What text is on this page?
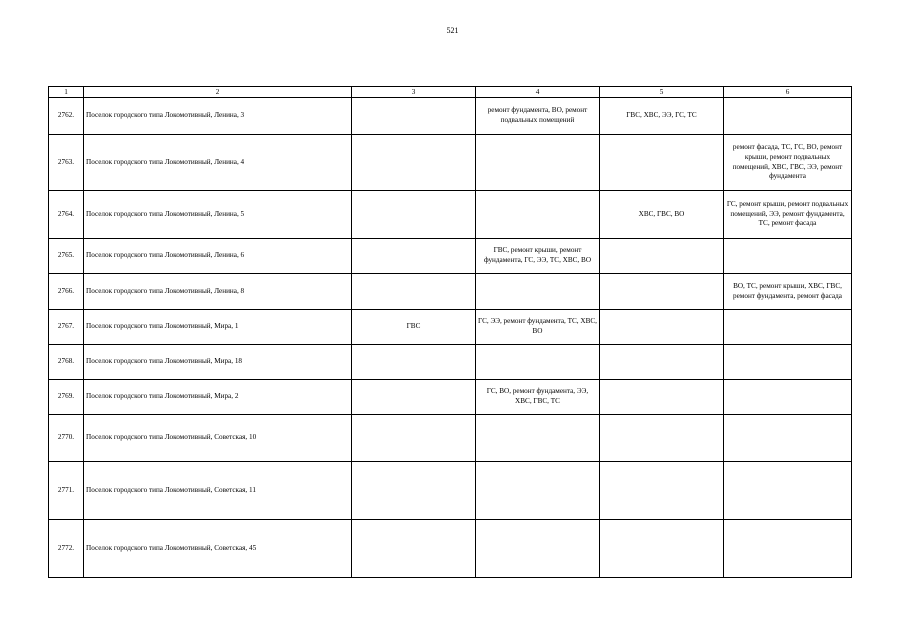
521
1	2	3	4	5	6
2762.	Поселок городского типа Локомотивный, Ленина, 3		ремонт фундамента, ВО, ремонт подвальных помещений	ГВС, ХВС, ЭЭ, ГС, ТС	
2763.	Поселок городского типа Локомотивный, Ленина, 4				ремонт фасада, ТС, ГС, ВО, ремонт крыши, ремонт подвальных помещений, ХВС, ГВС, ЭЭ, ремонт фундамента
2764.	Поселок городского типа Локомотивный, Ленина, 5			ХВС, ГВС, ВО	ГС, ремонт крыши, ремонт подвальных помещений, ЭЭ, ремонт фундамента, ТС, ремонт фасада
2765.	Поселок городского типа Локомотивный, Ленина, 6		ГВС, ремонт крыши, ремонт фундамента, ГС, ЭЭ, ТС, ХВС, ВО		
2766.	Поселок городского типа Локомотивный, Ленина, 8				ВО, ТС, ремонт крыши, ХВС, ГВС, ремонт фундамента, ремонт фасада
2767.	Поселок городского типа Локомотивный, Мира, 1	ГВС	ГС, ЭЭ, ремонт фундамента, ТС, ХВС, ВО		
2768.	Поселок городского типа Локомотивный, Мира, 18				
2769.	Поселок городского типа Локомотивный, Мира, 2		ГС, ВО, ремонт фундамента, ЭЭ, ХВС, ГВС, ТС		
2770.	Поселок городского типа Локомотивный, Советская, 10				
2771.	Поселок городского типа Локомотивный, Советская, 11				
2772.	Поселок городского типа Локомотивный, Советская, 45				
